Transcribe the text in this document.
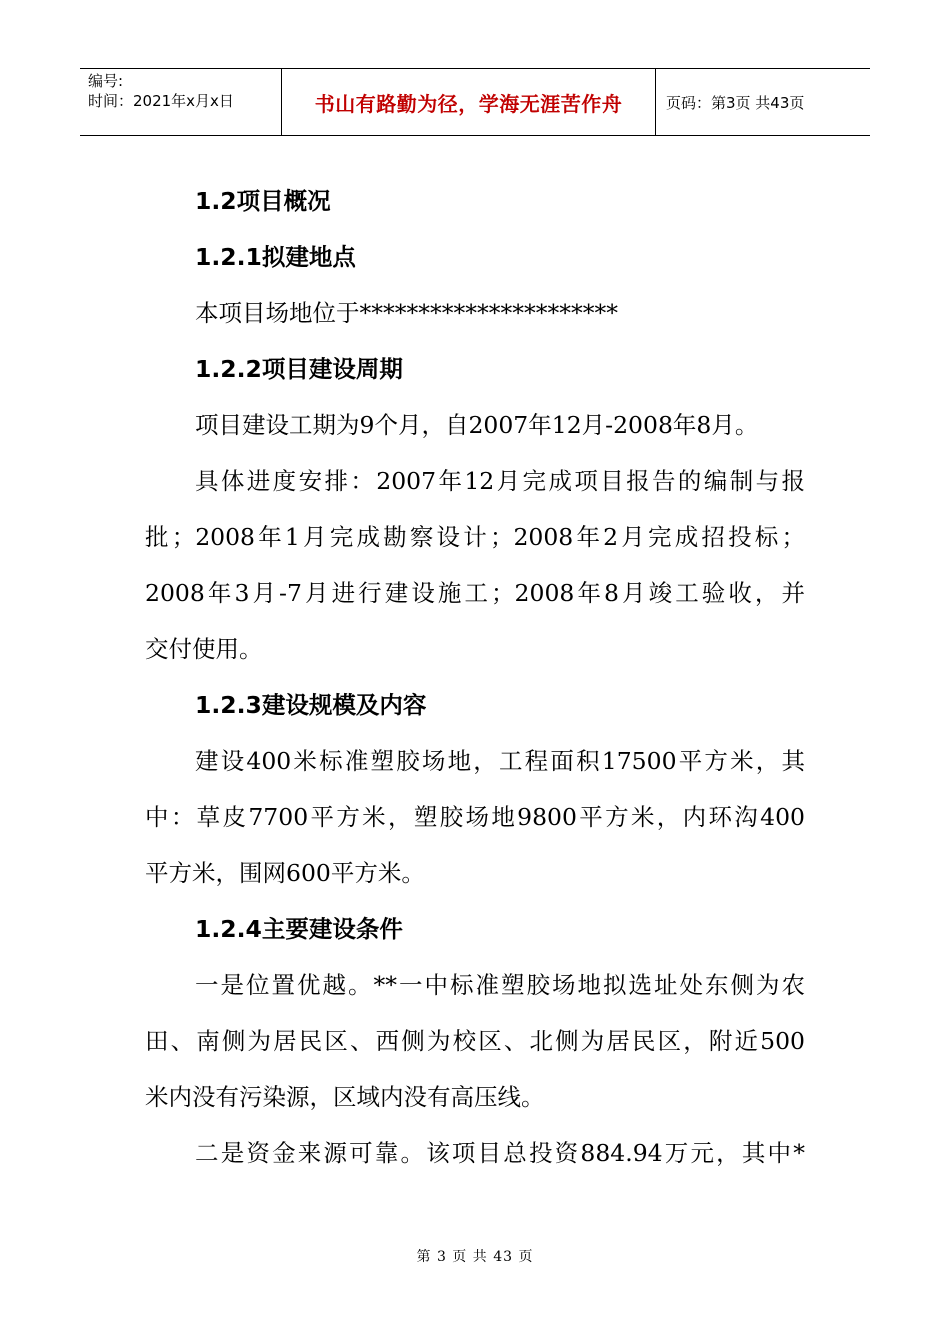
编号:
时间：2021年x月x日	书山有路勤为径，学海无涯苦作舟	页码：第3页 共43页
1.2项目概况
1.2.1拟建地点
本项目场地位于**********************
1.2.2项目建设周期
项目建设工期为9个月，自2007年12月-2008年8月。
具体进度安排：2007年12月完成项目报告的编制与报
批；2008年1月完成勘察设计；2008年2月完成招投标；
2008年3月-7月进行建设施工；2008年8月竣工验收，并
交付使用。
1.2.3建设规模及内容
建设400米标准塑胶场地，工程面积17500平方米，其
中：草皮7700平方米，塑胶场地9800平方米，内环沟400
平方米，围网600平方米。
1.2.4主要建设条件
一是位置优越。**一中标准塑胶场地拟选址处东侧为农
田、南侧为居民区、西侧为校区、北侧为居民区，附近500
米内没有污染源，区域内没有高压线。
二是资金来源可靠。该项目总投资884.94万元，其中*
第 3 页 共 43 页
